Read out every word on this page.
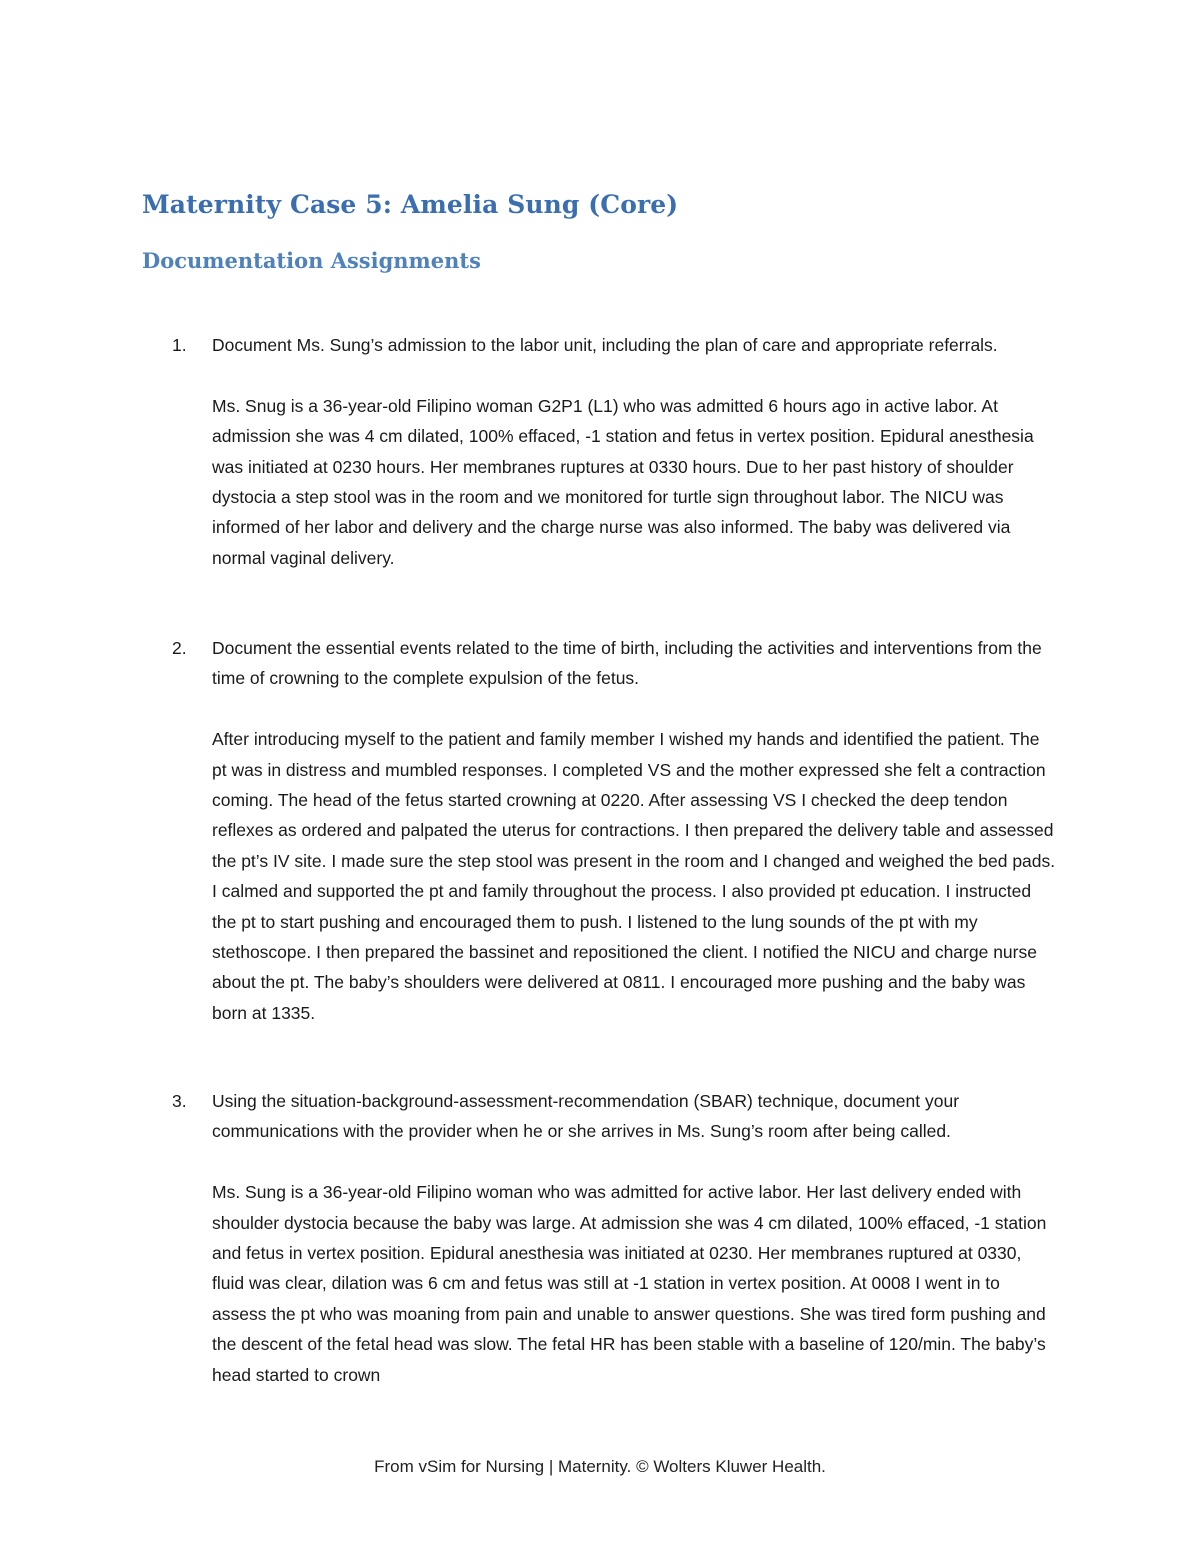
Maternity Case 5: Amelia Sung (Core)
Documentation Assignments
1. Document Ms. Sung’s admission to the labor unit, including the plan of care and appropriate referrals.

Ms. Snug is a 36-year-old Filipino woman G2P1 (L1) who was admitted 6 hours ago in active labor. At admission she was 4 cm dilated, 100% effaced, -1 station and fetus in vertex position. Epidural anesthesia was initiated at 0230 hours. Her membranes ruptures at 0330 hours. Due to her past history of shoulder dystocia a step stool was in the room and we monitored for turtle sign throughout labor. The NICU was informed of her labor and delivery and the charge nurse was also informed. The baby was delivered via normal vaginal delivery.

2. Document the essential events related to the time of birth, including the activities and interventions from the time of crowning to the complete expulsion of the fetus.

After introducing myself to the patient and family member I wished my hands and identified the patient. The pt was in distress and mumbled responses. I completed VS and the mother expressed she felt a contraction coming. The head of the fetus started crowning at 0220. After assessing VS I checked the deep tendon reflexes as ordered and palpated the uterus for contractions. I then prepared the delivery table and assessed the pt’s IV site. I made sure the step stool was present in the room and I changed and weighed the bed pads. I calmed and supported the pt and family throughout the process. I also provided pt education. I instructed the pt to start pushing and encouraged them to push. I listened to the lung sounds of the pt with my stethoscope. I then prepared the bassinet and repositioned the client. I notified the NICU and charge nurse about the pt. The baby’s shoulders were delivered at 0811. I encouraged more pushing and the baby was born at 1335.

3. Using the situation-background-assessment-recommendation (SBAR) technique, document your communications with the provider when he or she arrives in Ms. Sung’s room after being called.

Ms. Sung is a 36-year-old Filipino woman who was admitted for active labor. Her last delivery ended with shoulder dystocia because the baby was large. At admission she was 4 cm dilated, 100% effaced, -1 station and fetus in vertex position. Epidural anesthesia was initiated at 0230. Her membranes ruptured at 0330, fluid was clear, dilation was 6 cm and fetus was still at -1 station in vertex position. At 0008 I went in to assess the pt who was moaning from pain and unable to answer questions. She was tired form pushing and the descent of the fetal head was slow. The fetal HR has been stable with a baseline of 120/min. The baby’s head started to crown

From vSim for Nursing | Maternity. © Wolters Kluwer Health.
